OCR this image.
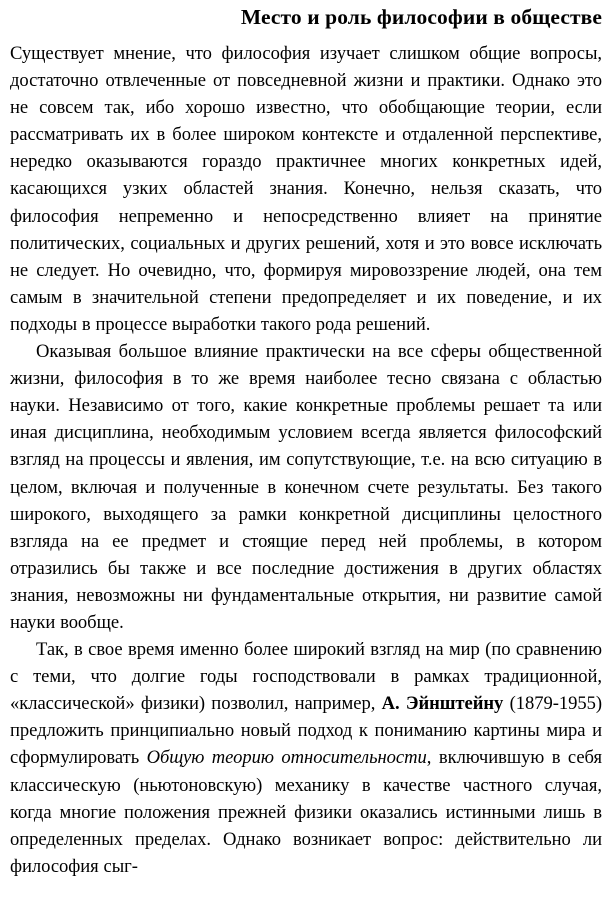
Место и роль философии в обществе

Существует мнение, что философия изучает слишком общие вопросы, достаточно отвлеченные от повседневной жизни и практики. Однако это не совсем так, ибо хорошо известно, что обобщающие теории, если рассматривать их в более широком контексте и отдаленной перспективе, нередко оказываются гораздо практичнее многих конкретных идей, касающихся узких областей знания. Конечно, нельзя сказать, что философия непременно и непосредственно влияет на принятие политических, социальных и других решений, хотя и это вовсе исключать не следует. Но очевидно, что, формируя мировоззрение людей, она тем самым в значительной степени предопределяет и их поведение, и их подходы в процессе выработки такого рода решений.

Оказывая большое влияние практически на все сферы общественной жизни, философия в то же время наиболее тесно связана с областью науки. Независимо от того, какие конкретные проблемы решает та или иная дисциплина, необходимым условием всегда является философский взгляд на процессы и явления, им сопутствующие, т.е. на всю ситуацию в целом, включая и полученные в конечном счете результаты. Без такого широкого, выходящего за рамки конкретной дисциплины целостного взгляда на ее предмет и стоящие перед ней проблемы, в котором отразились бы также и все последние достижения в других областях знания, невозможны ни фундаментальные открытия, ни развитие самой науки вообще.

Так, в свое время именно более широкий взгляд на мир (по сравнению с теми, что долгие годы господствовали в рамках традиционной, «классической» физики) позволил, например, А. Эйнштейну (1879-1955) предложить принципиально новый подход к пониманию картины мира и сформулировать Общую теорию относительности, включившую в себя классическую (ньютоновскую) механику в качестве частного случая, когда многие положения прежней физики оказались истинными лишь в определенных пределах. Однако возникает вопрос: действительно ли философия сыг-
